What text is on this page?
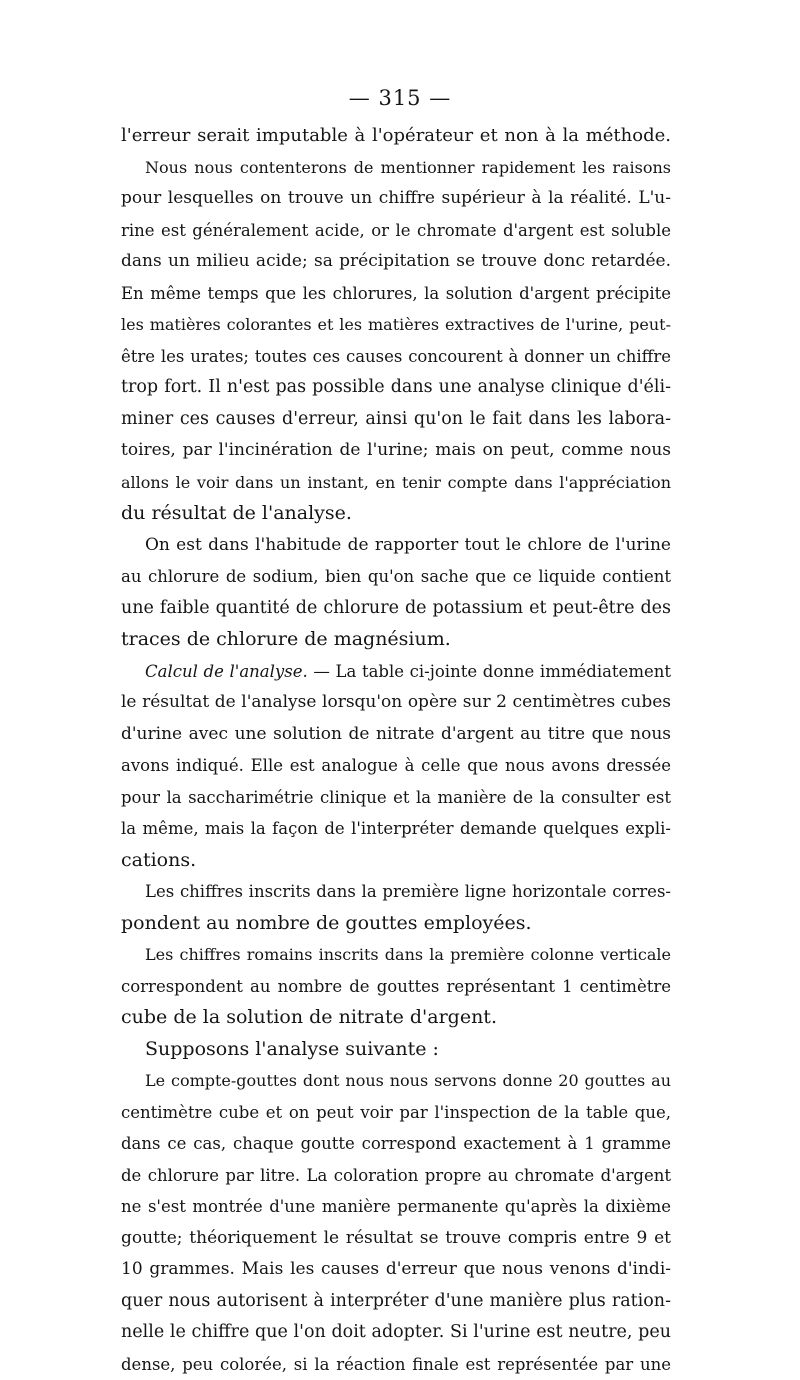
— 315 —
l'erreur serait imputable à l'opérateur et non à la méthode.
Nous nous contenterons de mentionner rapidement les raisons
pour lesquelles on trouve un chiffre supérieur à la réalité. L'u-
rine est généralement acide, or le chromate d'argent est soluble
dans un milieu acide; sa précipitation se trouve donc retardée.
En même temps que les chlorures, la solution d'argent précipite
les matières colorantes et les matières extractives de l'urine, peut-
être les urates; toutes ces causes concourent à donner un chiffre
trop fort. Il n'est pas possible dans une analyse clinique d'éli-
miner ces causes d'erreur, ainsi qu'on le fait dans les labora-
toires, par l'incinération de l'urine; mais on peut, comme nous
allons le voir dans un instant, en tenir compte dans l'appréciation
du résultat de l'analyse.
On est dans l'habitude de rapporter tout le chlore de l'urine
au chlorure de sodium, bien qu'on sache que ce liquide contient
une faible quantité de chlorure de potassium et peut-être des
traces de chlorure de magnésium.
Calcul de l'analyse. — La table ci-jointe donne immédiatement
le résultat de l'analyse lorsqu'on opère sur 2 centimètres cubes
d'urine avec une solution de nitrate d'argent au titre que nous
avons indiqué. Elle est analogue à celle que nous avons dressée
pour la saccharimétrie clinique et la manière de la consulter est
la même, mais la façon de l'interpréter demande quelques expli-
cations.
Les chiffres inscrits dans la première ligne horizontale corres-
pondent au nombre de gouttes employées.
Les chiffres romains inscrits dans la première colonne verticale
correspondent au nombre de gouttes représentant 1 centimètre
cube de la solution de nitrate d'argent.
Supposons l'analyse suivante :
Le compte-gouttes dont nous nous servons donne 20 gouttes au
centimètre cube et on peut voir par l'inspection de la table que,
dans ce cas, chaque goutte correspond exactement à 1 gramme
de chlorure par litre. La coloration propre au chromate d'argent
ne s'est montrée d'une manière permanente qu'après la dixième
goutte; théoriquement le résultat se trouve compris entre 9 et
10 grammes. Mais les causes d'erreur que nous venons d'indi-
quer nous autorisent à interpréter d'une manière plus ration-
nelle le chiffre que l'on doit adopter. Si l'urine est neutre, peu
dense, peu colorée, si la réaction finale est représentée par une
